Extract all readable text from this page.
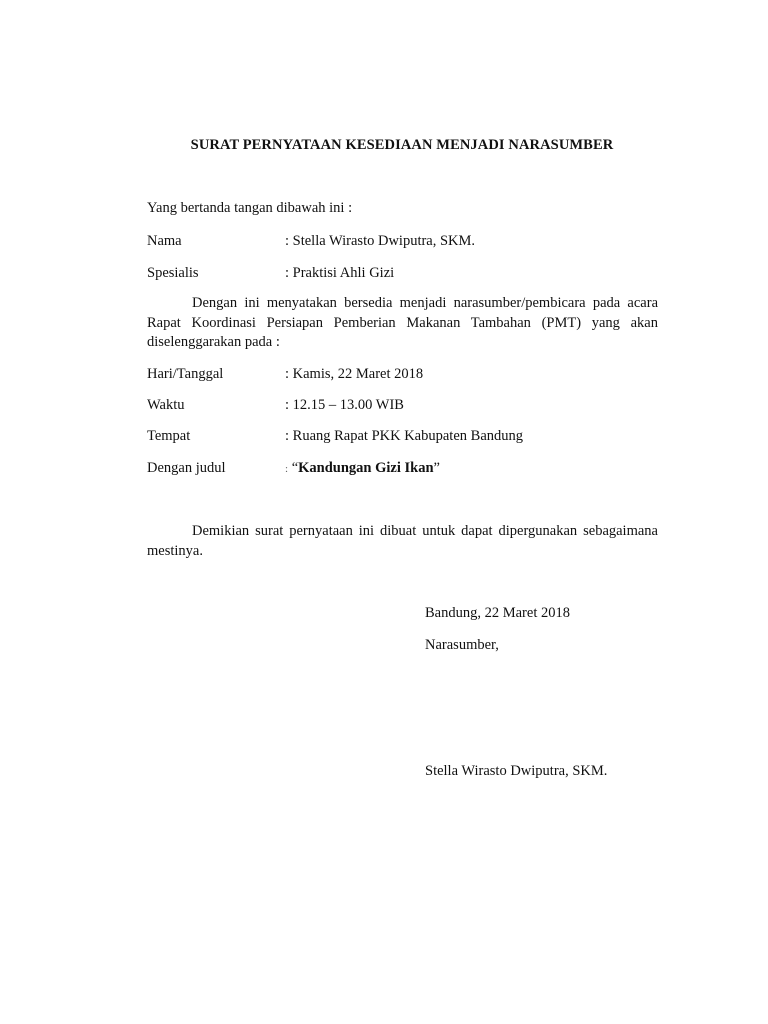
SURAT PERNYATAAN KESEDIAAN MENJADI NARASUMBER
Yang bertanda tangan dibawah ini :
Nama	: Stella Wirasto Dwiputra, SKM.
Spesialis	: Praktisi Ahli Gizi
Dengan ini menyatakan bersedia menjadi narasumber/pembicara pada acara Rapat Koordinasi Persiapan Pemberian Makanan Tambahan (PMT) yang akan diselenggarakan pada :
Hari/Tanggal	: Kamis, 22 Maret 2018
Waktu	: 12.15 – 13.00 WIB
Tempat	: Ruang Rapat PKK Kabupaten Bandung
Dengan judul	: “Kandungan Gizi Ikan”
Demikian surat pernyataan ini dibuat untuk dapat dipergunakan sebagaimana mestinya.
Bandung, 22 Maret 2018
Narasumber,
Stella Wirasto Dwiputra, SKM.
